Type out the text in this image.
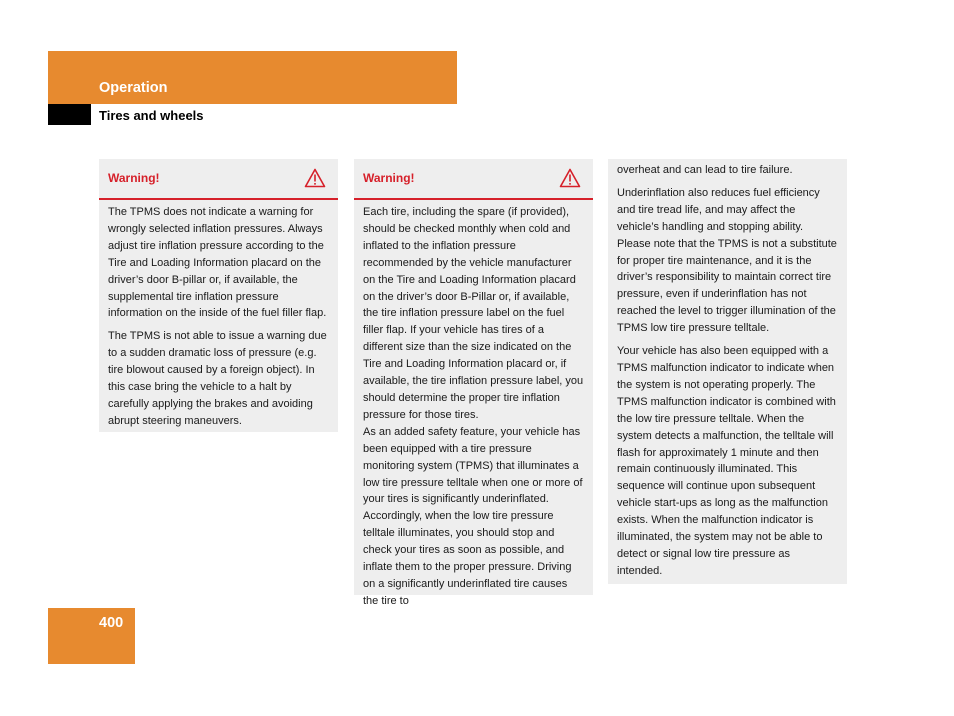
Operation
Tires and wheels
Warning!

The TPMS does not indicate a warning for wrongly selected inflation pressures. Always adjust tire inflation pressure according to the Tire and Loading Information placard on the driver’s door B-pillar or, if available, the supplemental tire inflation pressure information on the inside of the fuel filler flap.

The TPMS is not able to issue a warning due to a sudden dramatic loss of pressure (e.g. tire blowout caused by a foreign object). In this case bring the vehicle to a halt by carefully applying the brakes and avoiding abrupt steering maneuvers.

Warning!

Each tire, including the spare (if provided), should be checked monthly when cold and inflated to the inflation pressure recommended by the vehicle manufacturer on the Tire and Loading Information placard on the driver’s door B-Pillar or, if available, the tire inflation pressure label on the fuel filler flap. If your vehicle has tires of a different size than the size indicated on the Tire and Loading Information placard or, if available, the tire inflation pressure label, you should determine the proper tire inflation pressure for those tires.

As an added safety feature, your vehicle has been equipped with a tire pressure monitoring system (TPMS) that illuminates a low tire pressure telltale when one or more of your tires is significantly underinflated. Accordingly, when the low tire pressure telltale illuminates, you should stop and check your tires as soon as possible, and inflate them to the proper pressure. Driving on a significantly underinflated tire causes the tire to

overheat and can lead to tire failure.

Underinflation also reduces fuel efficiency and tire tread life, and may affect the vehicle’s handling and stopping ability. Please note that the TPMS is not a substitute for proper tire maintenance, and it is the driver’s responsibility to maintain correct tire pressure, even if underinflation has not reached the level to trigger illumination of the TPMS low tire pressure telltale.

Your vehicle has also been equipped with a TPMS malfunction indicator to indicate when the system is not operating properly. The TPMS malfunction indicator is combined with the low tire pressure telltale. When the system detects a malfunction, the telltale will flash for approximately 1 minute and then remain continuously illuminated. This sequence will continue upon subsequent vehicle start-ups as long as the malfunction exists. When the malfunction indicator is illuminated, the system may not be able to detect or signal low tire pressure as intended.

400
